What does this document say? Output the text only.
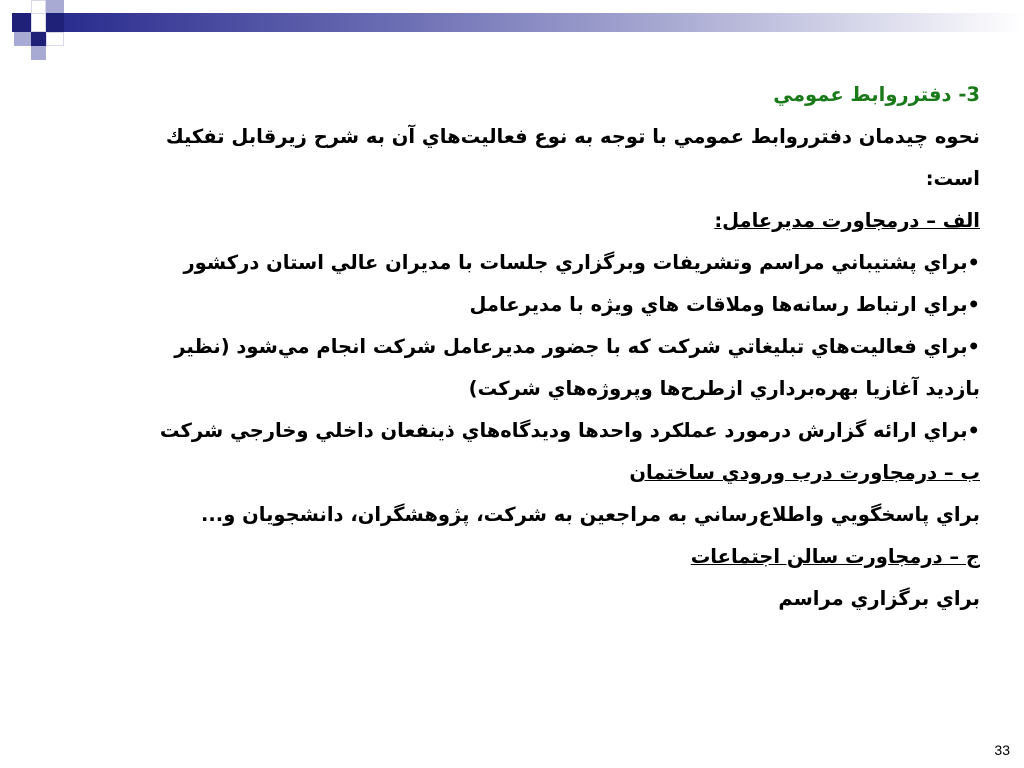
3- دفترروابط عمومي
نحوه چيدمان دفترروابط عمومي با توجه به نوع فعاليت‌هاي آن به شرح زيرقابل تفكيك
است:
الف – درمجاورت مديرعامل:
• براي پشتيباني مراسم وتشريفات وبرگزاري جلسات با مديران عالي استان دركشور
• براي ارتباط رسانه‌ها وملاقات هاي ويژه با مديرعامل
• براي فعاليت‌هاي تبليغاتي شركت كه با جضور مديرعامل شركت انجام مي‌شود (نظير
بازديد آغازيا بهره‌برداري ازطرح‌ها وپروژه‌هاي شركت)
• براي ارائه گزارش درمورد عملكرد واحدها وديدگاه‌هاي ذينفعان داخلي وخارجي شركت
ب – درمجاورت درب ورودي ساختمان
براي پاسخگويي واطلاع‌رساني به مراجعين به شركت، پژوهشگران، دانشجويان و...
ج – درمجاورت سالن اجتماعات
براي برگزاري مراسم
33
